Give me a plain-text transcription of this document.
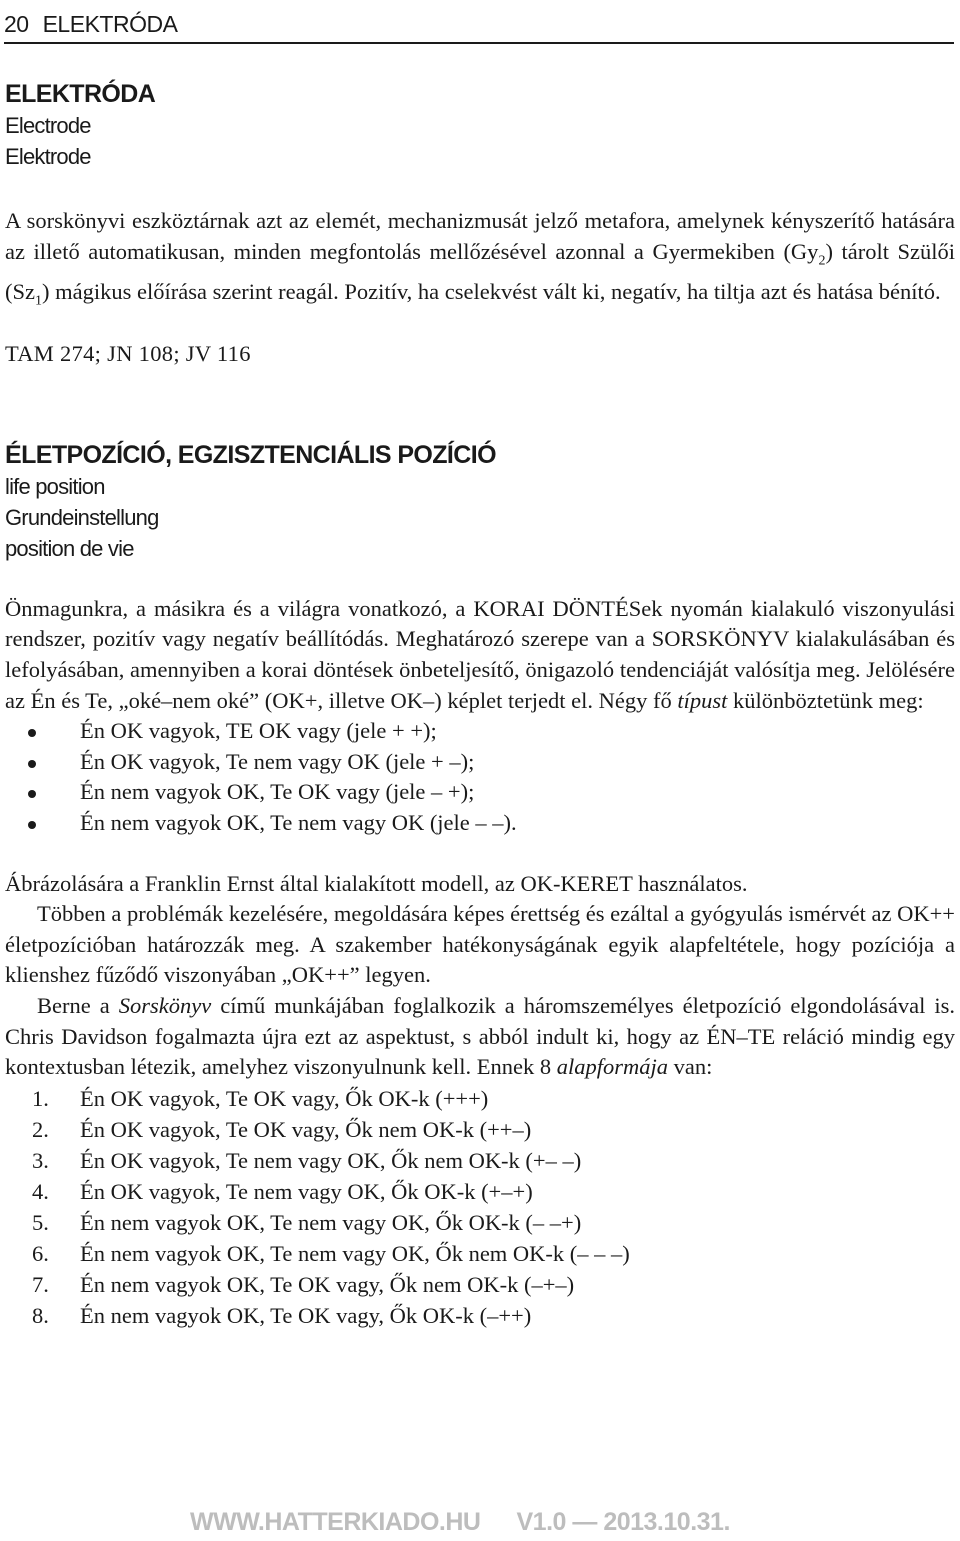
20 ELEKTRÓDA

ELEKTRÓDA

Electrode

Elektrode

A sorskönyvi eszköztárnak azt az elemét, mechanizmusát jelző metafora, amelynek kényszerítő hatására az illető automatikusan, minden megfontolás mellőzésével azonnal a Gyermekiben $(Gy_2)$ tárolt Szülői $(Sz_1)$ mágikus előírása szerint reagál. Pozitív, ha cselekvést vált ki, negatív, ha tiltja azt és hatása bénító.

TAM 274; JN 108; JV 116

ÉLETPOZÍCIÓ, EGZISZTENCIÁLIS POZÍCIÓ

life position

Grundeinstellung

position de vie

Önmagunkra, a másikra és a világra vonatkozó, a KORAI DÖNTÉSek nyomán kialakuló viszonyulási rendszer, pozitív vagy negatív beállítódás. Meghatározó szerepe van a SORSKÖNYV kialakulásában és lefolyásában, amennyiben a korai döntések önbeteljesítő, önigazoló tendenciáját valósítja meg. Jelölésére az Én és Te, „oké–nem oké” (OK+, illetve OK–) képlet terjedt el. Négy fő típust különböztetünk meg:

Én OK vagyok, TE OK vagy (jele + +);
Én OK vagyok, Te nem vagy OK (jele + –);
Én nem vagyok OK, Te OK vagy (jele – +);
Én nem vagyok OK, Te nem vagy OK (jele – –).

Ábrázolására a Franklin Ernst által kialakított modell, az OK-KERET használatos.

Többen a problémák kezelésére, megoldására képes érettség és ezáltal a gyógyulás ismérvét az OK++ életpozícióban határozzák meg. A szakember hatékonyságának egyik alapfeltétele, hogy pozíciója a klienshez fűződő viszonyában „OK++” legyen.

Berne a Sorskönyv című munkájában foglalkozik a háromszemélyes életpozíció elgondolásával is. Chris Davidson fogalmazta újra ezt az aspektust, s abból indult ki, hogy az ÉN–TE reláció mindig egy kontextusban létezik, amelyhez viszonyulnunk kell. Ennek 8 alapformája van:

1. Én OK vagyok, Te OK vagy, Ők OK-k (+++)
2. Én OK vagyok, Te OK vagy, Ők nem OK-k (++–)
3. Én OK vagyok, Te nem vagy OK, Ők nem OK-k (+– –)
4. Én OK vagyok, Te nem vagy OK, Ők OK-k (+–+)
5. Én nem vagyok OK, Te nem vagy OK, Ők OK-k (– –+)
6. Én nem vagyok OK, Te nem vagy OK, Ők nem OK-k (– – –)
7. Én nem vagyok OK, Te OK vagy, Ők nem OK-k (–+–)
8. Én nem vagyok OK, Te OK vagy, Ők OK-k (–++)
WWW.HATTERKIADO.HU V1.0 — 2013.10.31.
